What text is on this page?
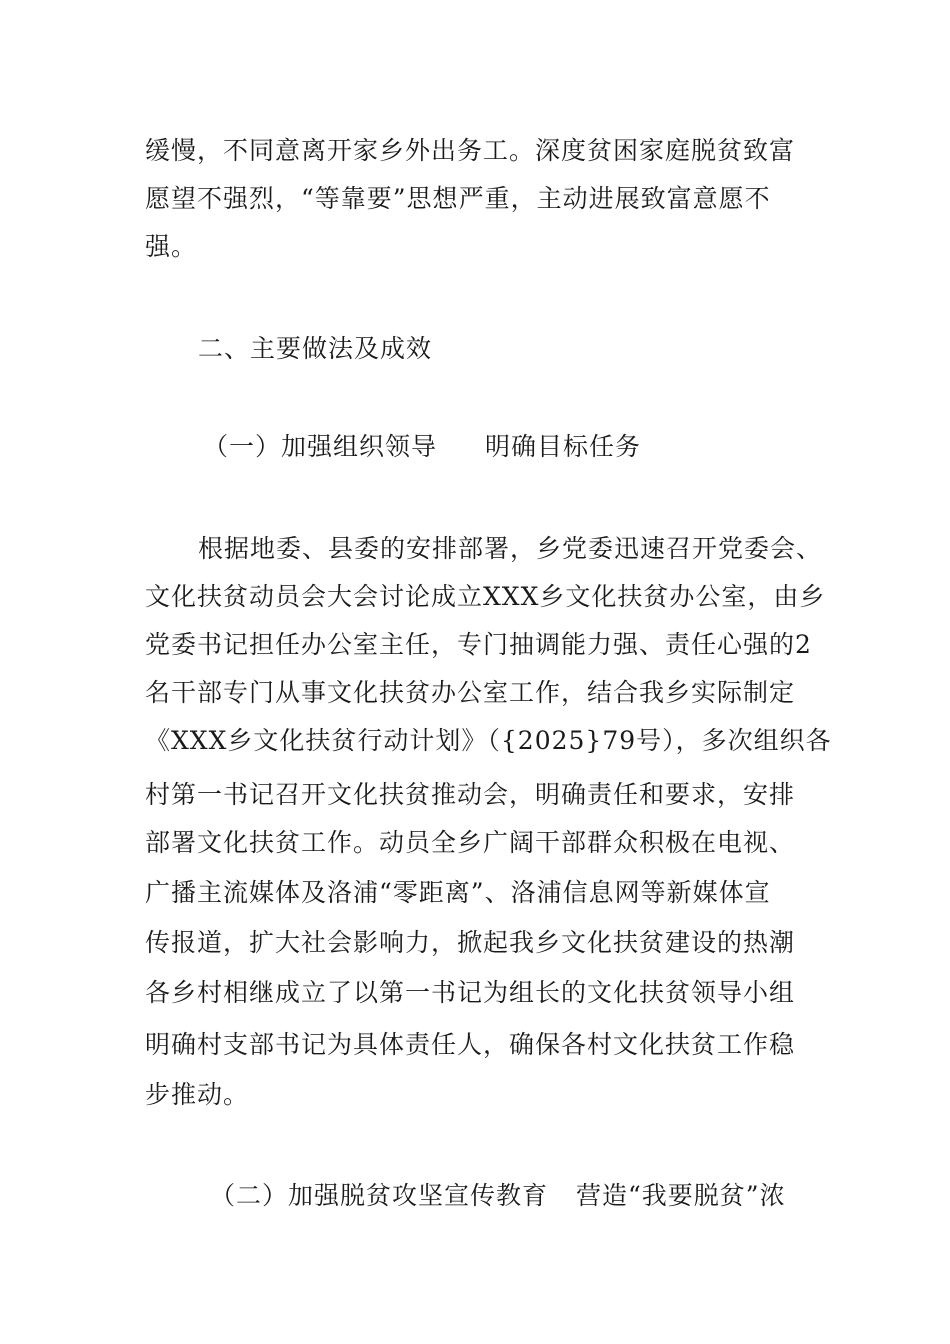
缓慢，不同意离开家乡外出务工。深度贫困家庭脱贫致富
愿望不强烈，“等靠要”思想严重，主动进展致富意愿不
强。
二、主要做法及成效
（一）加强组织领导 明确目标任务
根据地委、县委的安排部署，乡党委迅速召开党委会、
文化扶贫动员会大会讨论成立XXX乡文化扶贫办公室，由乡
党委书记担任办公室主任，专门抽调能力强、责任心强的2
名干部专门从事文化扶贫办公室工作，结合我乡实际制定
《XXX乡文化扶贫行动计划》（{2025}79号），多次组织各
村第一书记召开文化扶贫推动会，明确责任和要求，安排
部署文化扶贫工作。动员全乡广阔干部群众积极在电视、
广播主流媒体及洛浦“零距离”、洛浦信息网等新媒体宣
传报道，扩大社会影响力，掀起我乡文化扶贫建设的热潮
各乡村相继成立了以第一书记为组长的文化扶贫领导小组
明确村支部书记为具体责任人，确保各村文化扶贫工作稳
步推动。
（二）加强脱贫攻坚宣传教育 营造“我要脱贫”浓
